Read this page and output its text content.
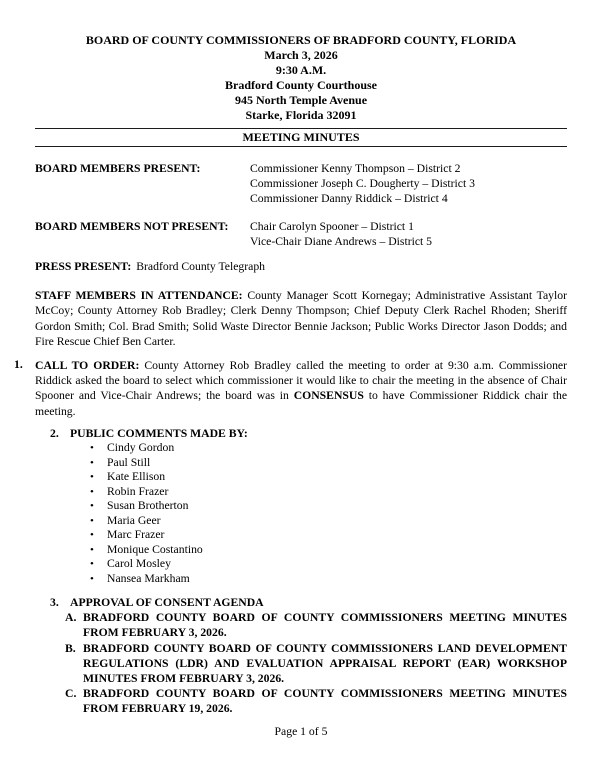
BOARD OF COUNTY COMMISSIONERS OF BRADFORD COUNTY, FLORIDA
March 3, 2026
9:30 A.M.
Bradford County Courthouse
945 North Temple Avenue
Starke, Florida 32091
MEETING MINUTES
BOARD MEMBERS PRESENT:	Commissioner Kenny Thompson – District 2
Commissioner Joseph C. Dougherty – District 3
Commissioner Danny Riddick – District 4
BOARD MEMBERS NOT PRESENT:	Chair Carolyn Spooner – District 1
Vice-Chair Diane Andrews – District 5
PRESS PRESENT: Bradford County Telegraph
STAFF MEMBERS IN ATTENDANCE: County Manager Scott Kornegay; Administrative Assistant Taylor McCoy; County Attorney Rob Bradley; Clerk Denny Thompson; Chief Deputy Clerk Rachel Rhoden; Sheriff Gordon Smith; Col. Brad Smith; Solid Waste Director Bennie Jackson; Public Works Director Jason Dodds; and Fire Rescue Chief Ben Carter.
1.	CALL TO ORDER: County Attorney Rob Bradley called the meeting to order at 9:30 a.m. Commissioner Riddick asked the board to select which commissioner it would like to chair the meeting in the absence of Chair Spooner and Vice-Chair Andrews; the board was in CONSENSUS to have Commissioner Riddick chair the meeting.
2. PUBLIC COMMENTS MADE BY:
•	Cindy Gordon
•	Paul Still
•	Kate Ellison
•	Robin Frazer
•	Susan Brotherton
•	Maria Geer
•	Marc Frazer
•	Monique Costantino
•	Carol Mosley
•	Nansea Markham
3. APPROVAL OF CONSENT AGENDA
A. BRADFORD COUNTY BOARD OF COUNTY COMMISSIONERS MEETING MINUTES FROM FEBRUARY 3, 2026.
B. BRADFORD COUNTY BOARD OF COUNTY COMMISSIONERS LAND DEVELOPMENT REGULATIONS (LDR) AND EVALUATION APPRAISAL REPORT (EAR) WORKSHOP MINUTES FROM FEBRUARY 3, 2026.
C. BRADFORD COUNTY BOARD OF COUNTY COMMISSIONERS MEETING MINUTES FROM FEBRUARY 19, 2026.
Page 1 of 5
